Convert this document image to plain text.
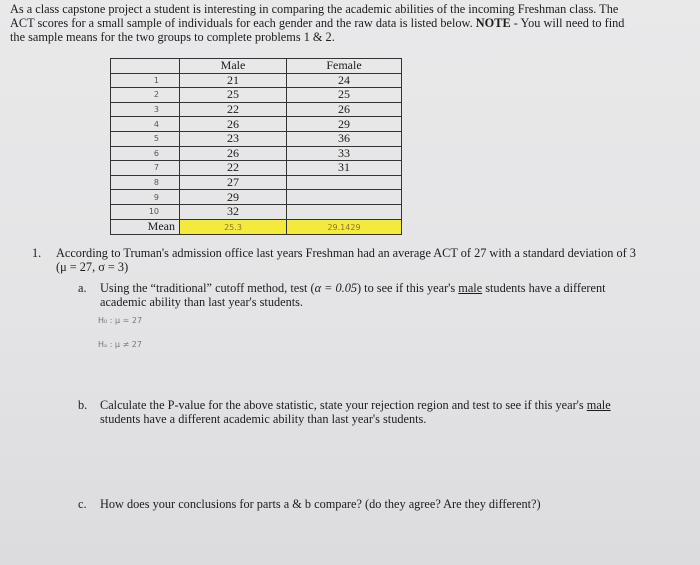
As a class capstone project a student is interesting in comparing the academic abilities of the incoming Freshman class. The
ACT scores for a small sample of individuals for each gender and the raw data is listed below. NOTE - You will need to find
the sample means for the two groups to complete problems 1 & 2.
	Male	Female
1	21	24
2	25	25
3	22	26
4	26	29
5	23	36
6	26	33
7	22	31
8	27	
9	29	
10	32	
Mean	25.3	29.1429
1. According to Truman's admission office last years Freshman had an average ACT of 27 with a standard deviation of 3
(μ = 27, σ = 3)
a. Using the “traditional” cutoff method, test (α = 0.05) to see if this year's male students have a different
academic ability than last year's students.
H₀ : μ = 27
Hₐ : μ ≠ 27
b. Calculate the P-value for the above statistic, state your rejection region and test to see if this year's male
students have a different academic ability than last year's students.
c. How does your conclusions for parts a & b compare? (do they agree? Are they different?)
